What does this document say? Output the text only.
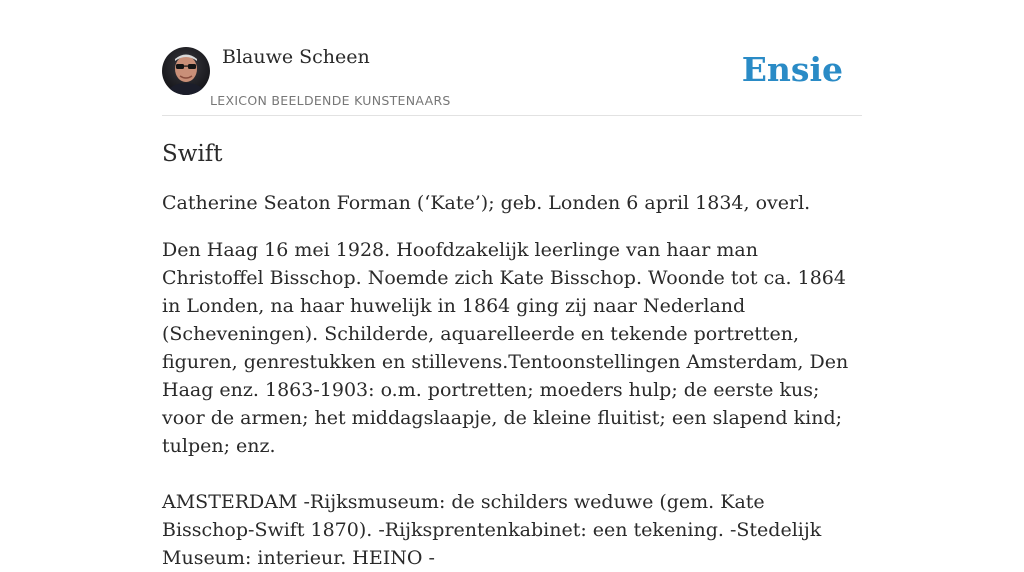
Blauwe Scheen
LEXICON BEELDENDE KUNSTENAARS
Ensie
Swift

Catherine Seaton Forman (‘Kate’); geb. Londen 6 april 1834, overl.

Den Haag 16 mei 1928. Hoofdzakelijk leerlinge van haar man Christoffel Bisschop. Noemde zich Kate Bisschop. Woonde tot ca. 1864 in Londen, na haar huwelijk in 1864 ging zij naar Nederland (Scheveningen). Schilderde, aquarelleerde en tekende portretten, figuren, genrestukken en stillevens.Tentoonstellingen Amsterdam, Den Haag enz. 1863-1903: o.m. portretten; moeders hulp; de eerste kus; voor de armen; het middagslaapje, de kleine fluitist; een slapend kind; tulpen; enz.

AMSTERDAM -Rijksmuseum: de schilders weduwe (gem. Kate Bisschop-Swift 1870). -Rijksprentenkabinet: een tekening. -Stedelijk Museum: interieur. HEINO -
